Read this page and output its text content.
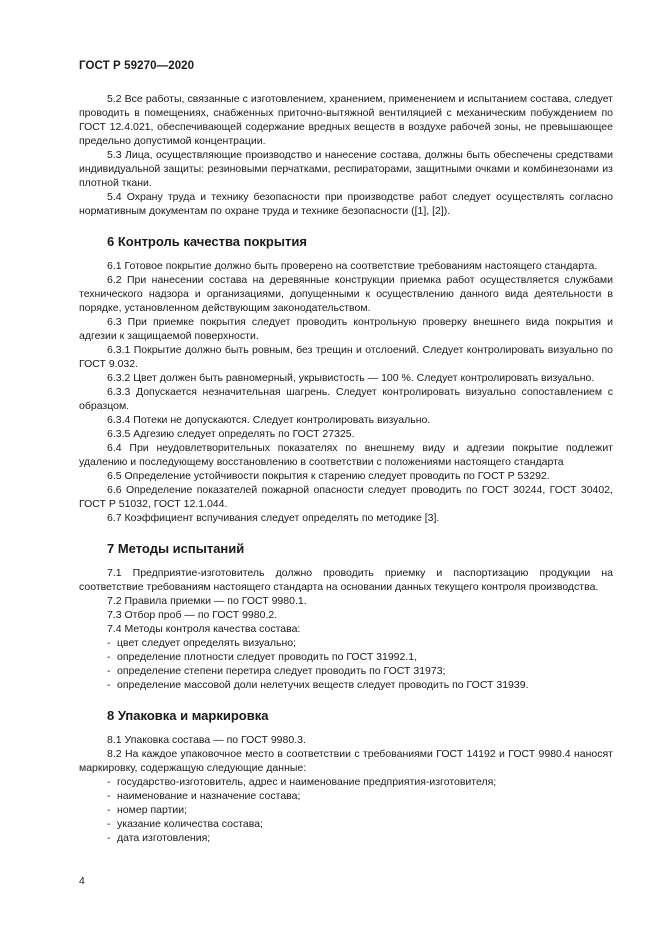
ГОСТ Р 59270—2020

5.2 Все работы, связанные с изготовлением, хранением, применением и испытанием состава, следует проводить в помещениях, снабженных приточно-вытяжной вентиляцией с механическим побуждением по ГОСТ 12.4.021, обеспечивающей содержание вредных веществ в воздухе рабочей зоны, не превышающее предельно допустимой концентрации.

5.3 Лица, осуществляющие производство и нанесение состава, должны быть обеспечены средствами индивидуальной защиты: резиновыми перчатками, респираторами, защитными очками и комбинезонами из плотной ткани.

5.4 Охрану труда и технику безопасности при производстве работ следует осуществлять согласно нормативным документам по охране труда и технике безопасности ([1], [2]).

6 Контроль качества покрытия

6.1 Готовое покрытие должно быть проверено на соответствие требованиям настоящего стандарта.

6.2 При нанесении состава на деревянные конструкции приемка работ осуществляется службами технического надзора и организациями, допущенными к осуществлению данного вида деятельности в порядке, установленном действующим законодательством.

6.3 При приемке покрытия следует проводить контрольную проверку внешнего вида покрытия и адгезии к защищаемой поверхности.

6.3.1 Покрытие должно быть ровным, без трещин и отслоений. Следует контролировать визуально по ГОСТ 9.032.

6.3.2 Цвет должен быть равномерный, укрывистость — 100 %. Следует контролировать визуально.

6.3.3 Допускается незначительная шагрень. Следует контролировать визуально сопоставлением с образцом.

6.3.4 Потеки не допускаются. Следует контролировать визуально.

6.3.5 Адгезию следует определять по ГОСТ 27325.

6.4 При неудовлетворительных показателях по внешнему виду и адгезии покрытие подлежит удалению и последующему восстановлению в соответствии с положениями настоящего стандарта

6.5 Определение устойчивости покрытия к старению следует проводить по ГОСТ Р 53292.

6.6 Определение показателей пожарной опасности следует проводить по ГОСТ 30244, ГОСТ 30402, ГОСТ Р 51032, ГОСТ 12.1.044.

6.7 Коэффициент вспучивания следует определять по методике [3].

7 Методы испытаний

7.1 Предприятие-изготовитель должно проводить приемку и паспортизацию продукции на соответствие требованиям настоящего стандарта на основании данных текущего контроля производства.

7.2 Правила приемки — по ГОСТ 9980.1.

7.3 Отбор проб — по ГОСТ 9980.2.

7.4 Методы контроля качества состава:

- цвет следует определять визуально;
- определение плотности следует проводить по ГОСТ 31992.1,
- определение степени перетира следует проводить по ГОСТ 31973;
- определение массовой доли нелетучих веществ следует проводить по ГОСТ 31939.
8 Упаковка и маркировка

8.1 Упаковка состава — по ГОСТ 9980.3.

8.2 На каждое упаковочное место в соответствии с требованиями ГОСТ 14192 и ГОСТ 9980.4 наносят маркировку, содержащую следующие данные:

- государство-изготовитель, адрес и наименование предприятия-изготовителя;
- наименование и назначение состава;
- номер партии;
- указание количества состава;
- дата изготовления;
4
